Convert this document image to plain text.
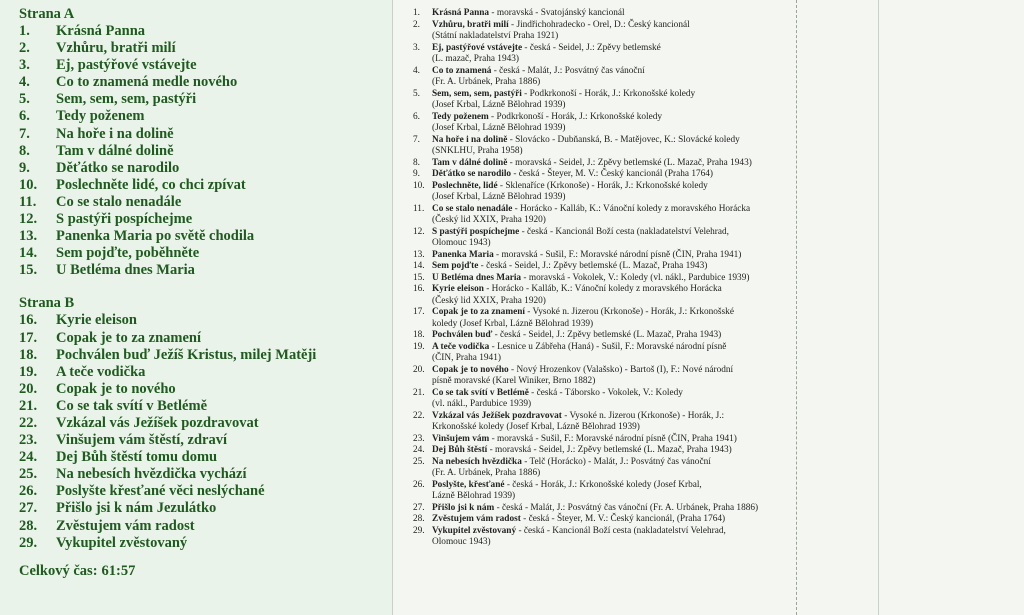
Strana A
1.	Krásná Panna
2.	Vzhůru, bratři milí
3.	Ej, pastýřové vstávejte
4.	Co to znamená medle nového
5.	Sem, sem, sem, pastýři
6.	Tedy poženem
7.	Na hoře i na dolině
8.	Tam v dálné dolině
9.	Děťátko se narodilo
10.	Poslechněte lidé, co chci zpívat
11.	Co se stalo nenadále
12.	S pastýři pospíchejme
13.	Panenka Maria po světě chodila
14.	Sem pojďte, poběhněte
15.	U Betléma dnes Maria
Strana B
16.	Kyrie eleison
17.	Copak je to za znamení
18.	Pochválen buď Ježíš Kristus, milej Matěji
19.	A teče vodička
20.	Copak je to nového
21.	Co se tak svítí v Betlémě
22.	Vzkázal vás Ježíšek pozdravovat
23.	Vinšujem vám štěstí, zdraví
24.	Dej Bůh štěstí tomu domu
25.	Na nebesích hvězdička vychází
26.	Poslyšte křesťané věci neslýchané
27.	Přišlo jsi k nám Jezulátko
28.	Zvěstujem vám radost
29.	Vykupitel zvěstovaný
Celkový čas: 61:57
1.	Krásná Panna - moravská - Svatojánský kancionál
2.	Vzhůru, bratři milí - Jindřichohradecko - Orel, D.: Český kancionál
(Státní nakladatelství Praha 1921)
3.	Ej, pastýřové vstávejte - česká - Seidel, J.: Zpěvy betlemské
(L. mazač, Praha 1943)
4.	Co to znamená - česká - Malát, J.: Posvátný čas vánoční
(Fr. A. Urbánek, Praha 1886)
5.	Sem, sem, sem, pastýři - Podkrkonoší - Horák, J.: Krkonošské koledy
(Josef Krbal, Lázně Bělohrad 1939)
6.	Tedy poženem - Podkrkonoší - Horák, J.: Krkonošské koledy
(Josef Krbal, Lázně Bělohrad 1939)
7.	Na hoře i na dolině - Slovácko - Dubňanská, B. - Matějovec, K.: Slovácké koledy
(SNKLHU, Praha 1958)
8.	Tam v dálné dolině - moravská - Seidel, J.: Zpěvy betlemské (L. Mazač, Praha 1943)
9.	Děťátko se narodilo - česká - Šteyer, M. V.: Český kancionál (Praha 1764)
10. Poslechněte, lidé - Sklenaříce (Krkonoše) - Horák, J.: Krkonošské koledy
(Josef Krbal, Lázně Bělohrad 1939)
11. Co se stalo nenadále - Horácko - Kalláb, K.: Vánoční koledy z moravského Horácka
(Český lid XXIX, Praha 1920)
12. S pastýři pospíchejme - česká - Kancionál Boží cesta (nakladatelství Velehrad,
Olomouc 1943)
13. Panenka Maria - moravská - Sušil, F.: Moravské národní písně (ČIN, Praha 1941)
14. Sem pojďte - česká - Seidel, J.: Zpěvy betlemské (L. Mazač, Praha 1943)
15. U Betléma dnes Maria - moravská - Vokolek, V.: Koledy (vl. nákl., Pardubice 1939)
16. Kyrie eleison - Horácko - Kalláb, K.: Vánoční koledy z moravského Horácka
(Český lid XXIX, Praha 1920)
17. Copak je to za znamení - Vysoké n. Jizerou (Krkonoše) - Horák, J.: Krkonošské
koledy (Josef Krbal, Lázně Bělohrad 1939)
18. Pochválen buď - česká - Seidel, J.: Zpěvy betlemské (L. Mazač, Praha 1943)
19. A teče vodička - Lesnice u Zábřeha (Haná) - Sušil, F.: Moravské národní písně
(ČIN, Praha 1941)
20. Copak je to nového - Nový Hrozenkov (Valašsko) - Bartoš (I), F.: Nové národní
písně moravské (Karel Winiker, Brno 1882)
21. Co se tak svítí v Betlémě - česká - Táborsko - Vokolek, V.: Koledy
(vl. nákl., Pardubice 1939)
22. Vzkázal vás Ježíšek pozdravovat - Vysoké n. Jizerou (Krkonoše) - Horák, J.:
Krkonošské koledy (Josef Krbal, Lázně Bělohrad 1939)
23. Vinšujem vám - moravská - Sušil, F.: Moravské národní písně (ČIN, Praha 1941)
24. Dej Bůh štěstí - moravská - Seidel, J.: Zpěvy betlemské (L. Mazač, Praha 1943)
25. Na nebesích hvězdička - Telč (Horácko) - Malát, J.: Posvátný čas vánoční
(Fr. A. Urbánek, Praha 1886)
26. Poslyšte, křesťané - česká - Horák, J.: Krkonošské koledy (Josef Krbal,
Lázně Bělohrad 1939)
27. Přišlo jsi k nám - česká - Malát, J.: Posvátný čas vánoční (Fr. A. Urbánek, Praha 1886)
28. Zvěstujem vám radost - česká - Šteyer, M. V.: Český kancionál, (Praha 1764)
29. Vykupitel zvěstovaný - česká - Kancionál Boží cesta (nakladatelství Velehrad,
Olomouc 1943)
